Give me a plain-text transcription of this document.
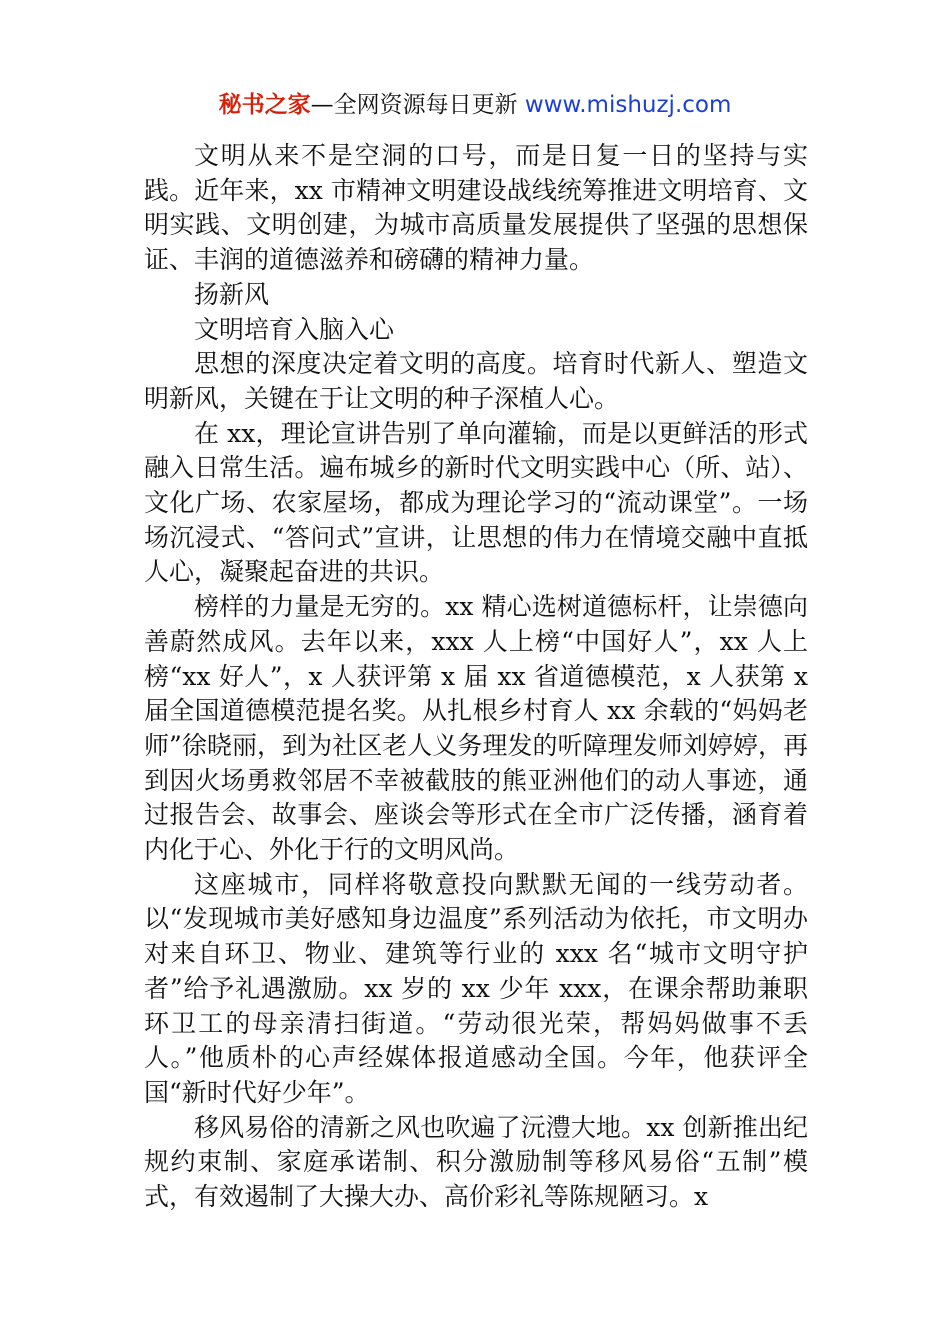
秘书之家—全网资源每日更新 www.mishuzj.com

文明从来不是空洞的口号，而是日复一日的坚持与实践。近年来，xx 市精神文明建设战线统筹推进文明培育、文明实践、文明创建，为城市高质量发展提供了坚强的思想保证、丰润的道德滋养和磅礴的精神力量。

扬新风

文明培育入脑入心

思想的深度决定着文明的高度。培育时代新人、塑造文明新风，关键在于让文明的种子深植人心。

在 xx，理论宣讲告别了单向灌输，而是以更鲜活的形式融入日常生活。遍布城乡的新时代文明实践中心（所、站）、文化广场、农家屋场，都成为理论学习的“流动课堂”。一场场沉浸式、“答问式”宣讲，让思想的伟力在情境交融中直抵人心，凝聚起奋进的共识。

榜样的力量是无穷的。xx 精心选树道德标杆，让崇德向善蔚然成风。去年以来，xxx 人上榜“中国好人”，xx 人上榜“xx 好人”，x 人获评第 x 届 xx 省道德模范，x 人获第 x 届全国道德模范提名奖。从扎根乡村育人 xx 余载的“妈妈老师”徐晓丽，到为社区老人义务理发的听障理发师刘婷婷，再到因火场勇救邻居不幸被截肢的熊亚洲他们的动人事迹，通过报告会、故事会、座谈会等形式在全市广泛传播，涵育着内化于心、外化于行的文明风尚。

这座城市，同样将敬意投向默默无闻的一线劳动者。以“发现城市美好感知身边温度”系列活动为依托，市文明办对来自环卫、物业、建筑等行业的 xxx 名“城市文明守护者”给予礼遇激励。xx 岁的 xx 少年 xxx，在课余帮助兼职环卫工的母亲清扫街道。“劳动很光荣，帮妈妈做事不丢人。”他质朴的心声经媒体报道感动全国。今年，他获评全国“新时代好少年”。

移风易俗的清新之风也吹遍了沅澧大地。xx 创新推出纪规约束制、家庭承诺制、积分激励制等移风易俗“五制”模式，有效遏制了大操大办、高价彩礼等陈规陋习。x
